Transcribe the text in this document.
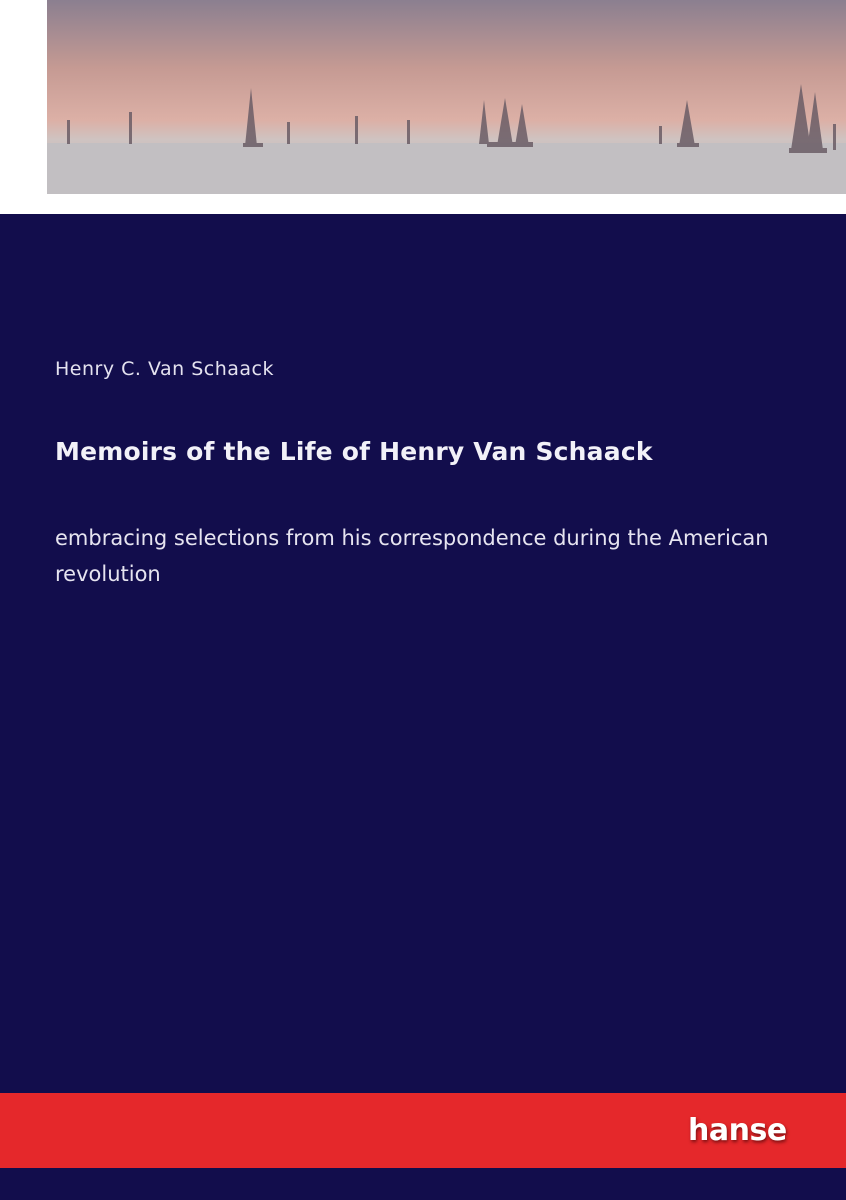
Henry C. Van Schaack
Memoirs of the Life of Henry Van Schaack
embracing selections from his correspondence during the American revolution
hanse
